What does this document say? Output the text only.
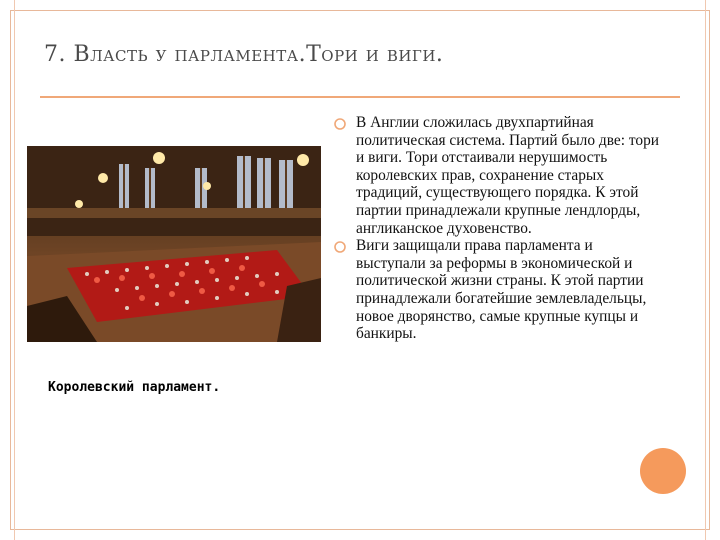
7. Власть у парламента.Тори и виги.
Королевский парламент.

В Англии сложилась двухпартийная политическая система. Партий было две: тори и виги. Тори отстаивали нерушимость королевских прав, сохранение старых традиций, существующего порядка. К этой партии принадлежали крупные лендлорды, англиканское духовенство.

Виги защищали права парламента и выступали за реформы в экономической и политической жизни страны. К этой партии принадлежали богатейшие землевладельцы, новое дворянство, самые крупные купцы и банкиры.
